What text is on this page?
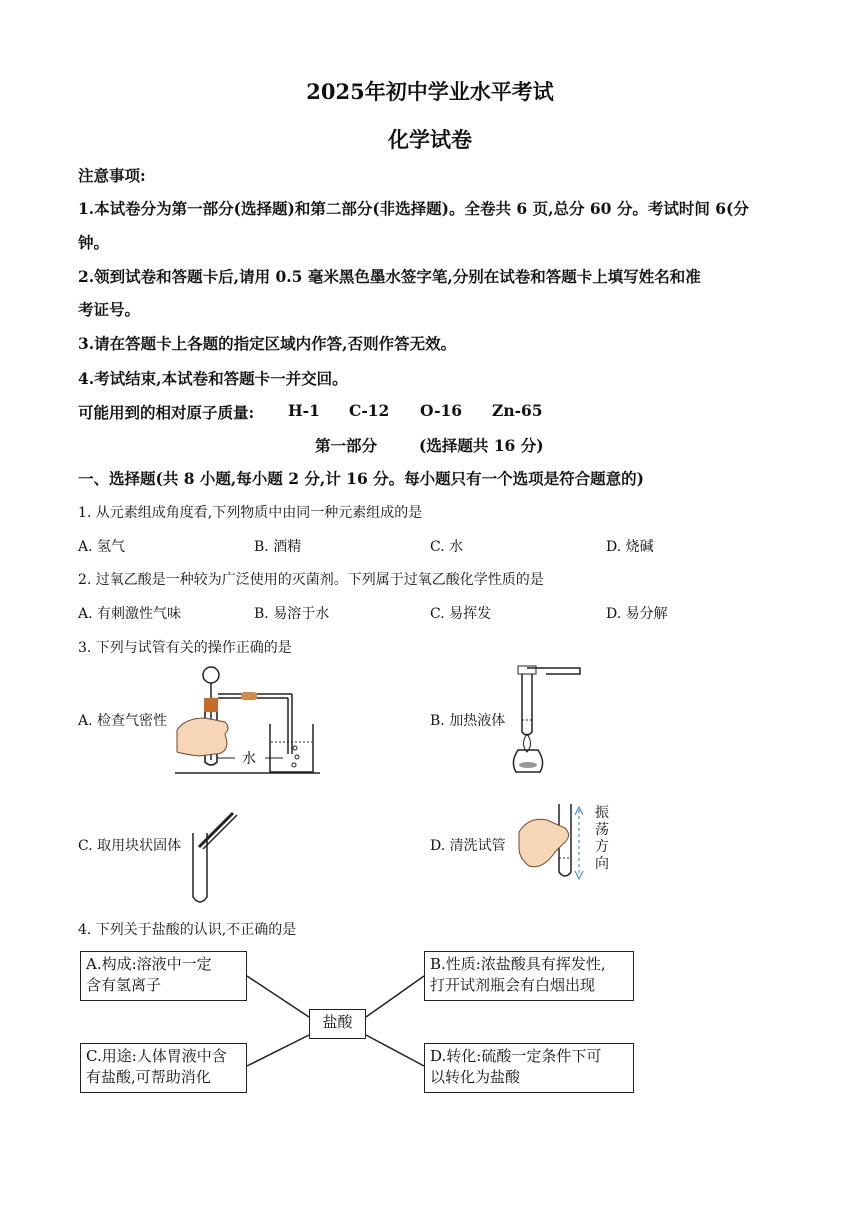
2025年初中学业水平考试
化学试卷
注意事项:
1.本试卷分为第一部分(选择题)和第二部分(非选择题)。全卷共 6 页,总分 60 分。考试时间 6(分
钟。
2.领到试卷和答题卡后,请用 0.5 毫米黑色墨水签字笔,分别在试卷和答题卡上填写姓名和准
考证号。
3.请在答题卡上各题的指定区域内作答,否则作答无效。
4.考试结束,本试卷和答题卡一并交回。
可能用到的相对原子质量: H-1 C-12 O-16 Zn-65
第一部分	(选择题共 16 分)
一、选择题(共 8 小题,每小题 2 分,计 16 分。每小题只有一个选项是符合题意的)
1. 从元素组成角度看,下列物质中由同一种元素组成的是
A. 氢气	B. 酒精	C. 水	D. 烧碱
2. 过氧乙酸是一种较为广泛使用的灭菌剂。下列属于过氧乙酸化学性质的是
A. 有刺激性气味	B. 易溶于水	C. 易挥发	D. 易分解
3. 下列与试管有关的操作正确的是
A. 检查气密性	B. 加热液体
C. 取用块状固体	D. 清洗试管
水
振
荡
方
向
4. 下列关于盐酸的认识,不正确的是
A.构成:溶液中一定
含有氢离子
B.性质:浓盐酸具有挥发性,
打开试剂瓶会有白烟出现
盐酸
C.用途:人体胃液中含
有盐酸,可帮助消化
D.转化:硫酸一定条件下可
以转化为盐酸
